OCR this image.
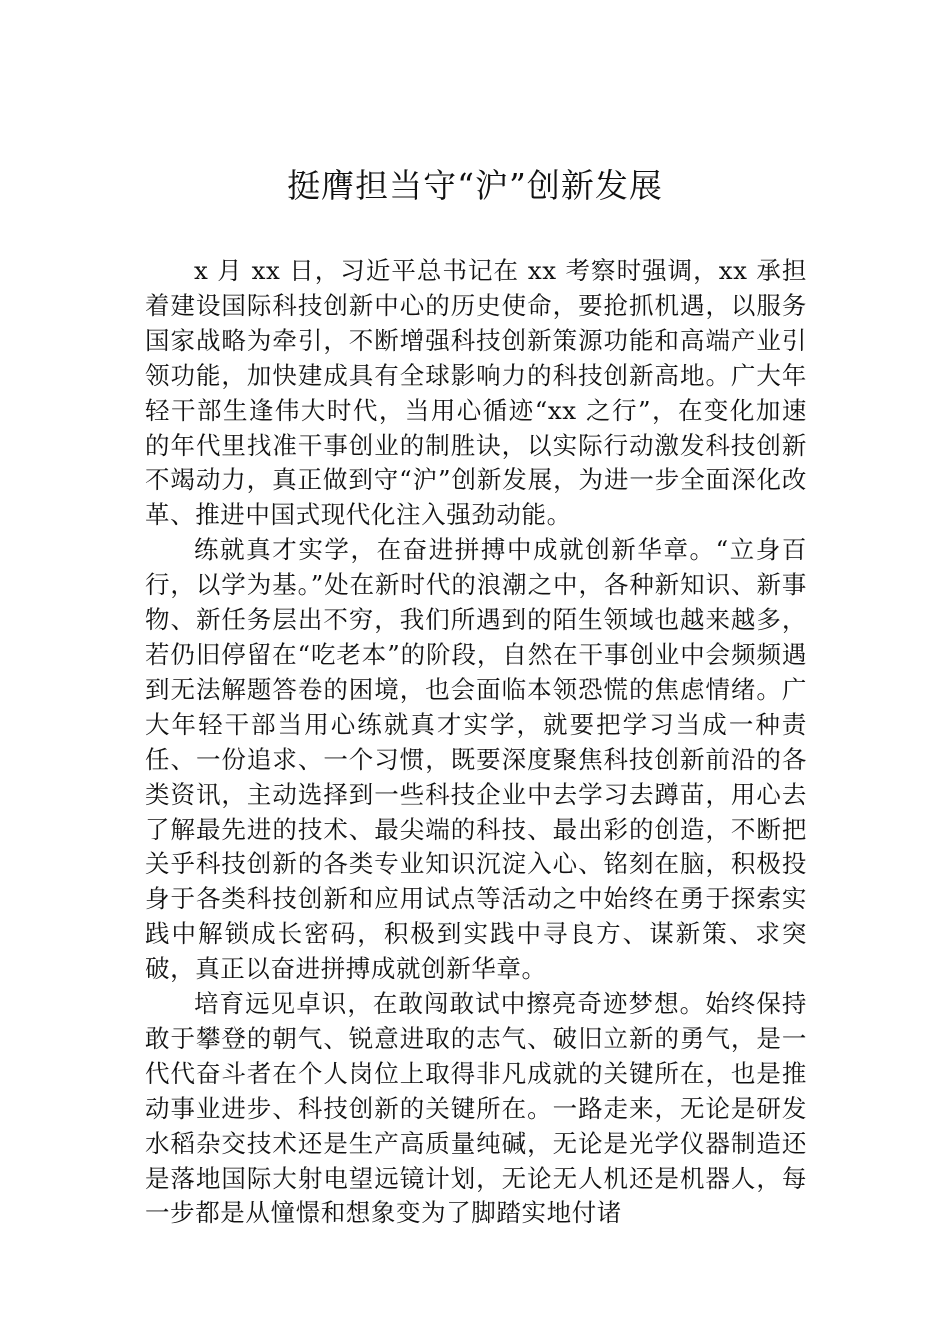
挺膺担当守“沪”创新发展

x 月 xx 日，习近平总书记在 xx 考察时强调，xx 承担着建设国际科技创新中心的历史使命，要抢抓机遇，以服务国家战略为牵引，不断增强科技创新策源功能和高端产业引领功能，加快建成具有全球影响力的科技创新高地。广大年轻干部生逢伟大时代，当用心循迹“xx 之行”，在变化加速的年代里找准干事创业的制胜诀，以实际行动激发科技创新不竭动力，真正做到守“沪”创新发展，为进一步全面深化改革、推进中国式现代化注入强劲动能。

练就真才实学，在奋进拼搏中成就创新华章。“立身百行，以学为基。”处在新时代的浪潮之中，各种新知识、新事物、新任务层出不穷，我们所遇到的陌生领域也越来越多，若仍旧停留在“吃老本”的阶段，自然在干事创业中会频频遇到无法解题答卷的困境，也会面临本领恐慌的焦虑情绪。广大年轻干部当用心练就真才实学，就要把学习当成一种责任、一份追求、一个习惯，既要深度聚焦科技创新前沿的各类资讯，主动选择到一些科技企业中去学习去蹲苗，用心去了解最先进的技术、最尖端的科技、最出彩的创造，不断把关乎科技创新的各类专业知识沉淀入心、铭刻在脑，积极投身于各类科技创新和应用试点等活动之中始终在勇于探索实践中解锁成长密码，积极到实践中寻良方、谋新策、求突破，真正以奋进拼搏成就创新华章。

培育远见卓识，在敢闯敢试中擦亮奇迹梦想。始终保持敢于攀登的朝气、锐意进取的志气、破旧立新的勇气，是一代代奋斗者在个人岗位上取得非凡成就的关键所在，也是推动事业进步、科技创新的关键所在。一路走来，无论是研发水稻杂交技术还是生产高质量纯碱，无论是光学仪器制造还是落地国际大射电望远镜计划，无论无人机还是机器人，每一步都是从憧憬和想象变为了脚踏实地付诸
